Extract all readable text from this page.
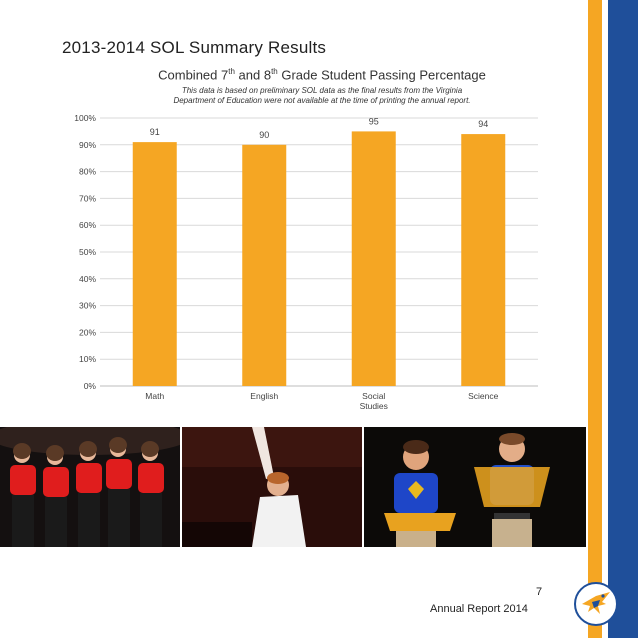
2013-2014 SOL Summary Results
Combined 7th and 8th Grade Student Passing Percentage
This data is based on preliminary SOL data as the final results from the Virginia
Department of Education were not available at the time of printing the annual report.
0%
10%
20%
30%
40%
50%
60%
70%
80%
90%
100%
91
Math
90
English
95
Social
Studies
94
Science
7
Annual Report 2014
